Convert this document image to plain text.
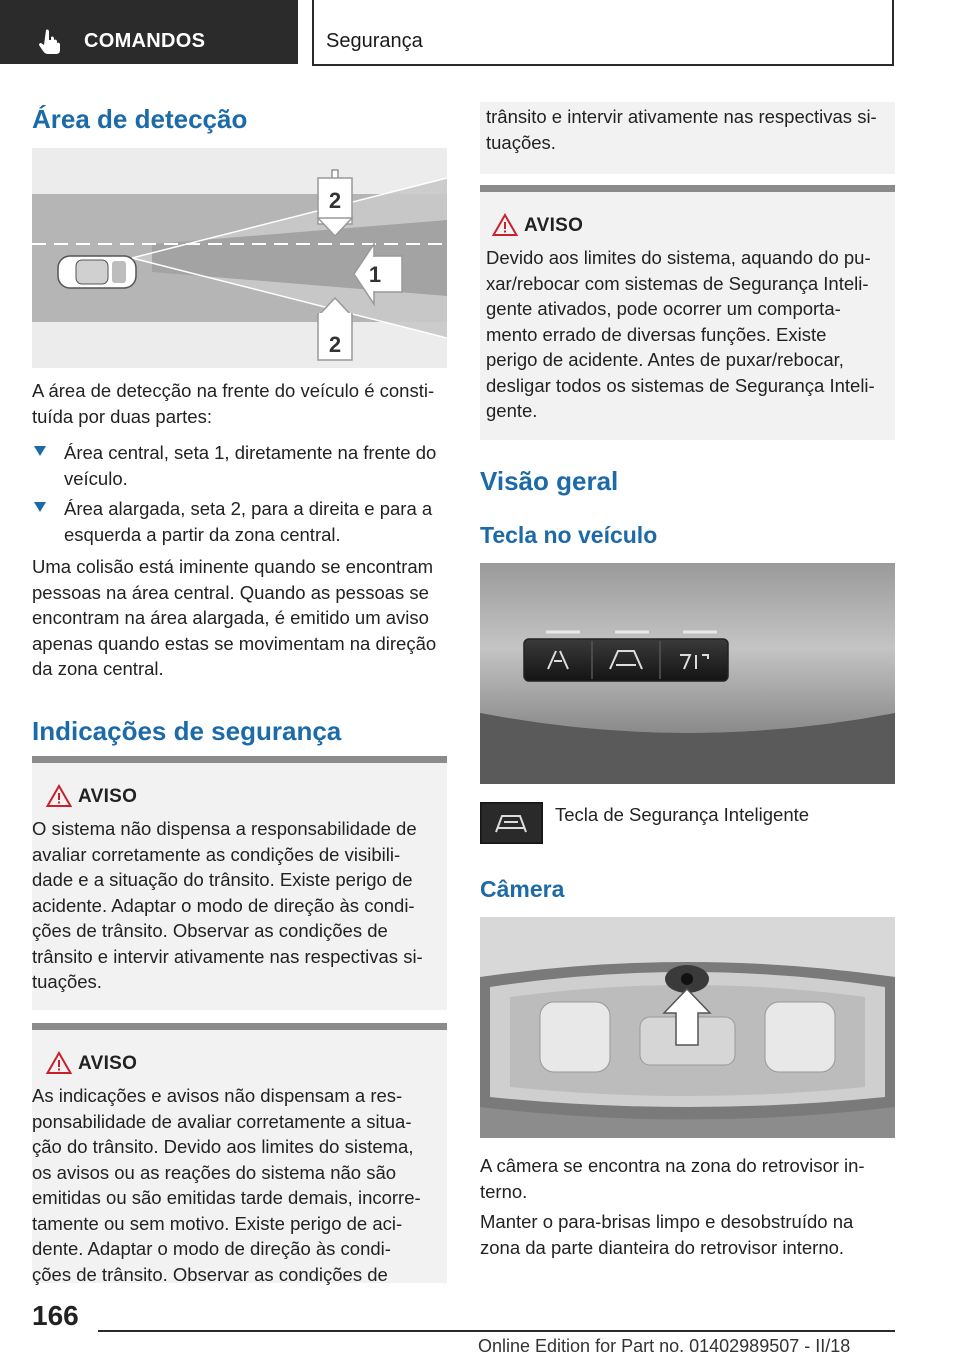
COMANDOS	Segurança
Área de detecção
2
1
2
A área de detecção na frente do veículo é consti-
tuída por duas partes:
Área central, seta 1, diretamente na frente do
veículo.
Área alargada, seta 2, para a direita e para a
esquerda a partir da zona central.
Uma colisão está iminente quando se encontram
pessoas na área central. Quando as pessoas se
encontram na área alargada, é emitido um aviso
apenas quando estas se movimentam na direção
da zona central.
Indicações de segurança
AVISO
O sistema não dispensa a responsabilidade de
avaliar corretamente as condições de visibili-
dade e a situação do trânsito. Existe perigo de
acidente. Adaptar o modo de direção às condi-
ções de trânsito. Observar as condições de
trânsito e intervir ativamente nas respectivas si-
tuações.
AVISO
As indicações e avisos não dispensam a res-
ponsabilidade de avaliar corretamente a situa-
ção do trânsito. Devido aos limites do sistema,
os avisos ou as reações do sistema não são
emitidas ou são emitidas tarde demais, incorre-
tamente ou sem motivo. Existe perigo de aci-
dente. Adaptar o modo de direção às condi-
ções de trânsito. Observar as condições de
trânsito e intervir ativamente nas respectivas si-
tuações.
AVISO
Devido aos limites do sistema, aquando do pu-
xar/rebocar com sistemas de Segurança Inteli-
gente ativados, pode ocorrer um comporta-
mento errado de diversas funções. Existe
perigo de acidente. Antes de puxar/rebocar,
desligar todos os sistemas de Segurança Inteli-
gente.
Visão geral
Tecla no veículo
Tecla de Segurança Inteligente
Câmera
A câmera se encontra na zona do retrovisor in-
terno.
Manter o para-brisas limpo e desobstruído na
zona da parte dianteira do retrovisor interno.
166
Online Edition for Part no. 01402989507 - II/18
